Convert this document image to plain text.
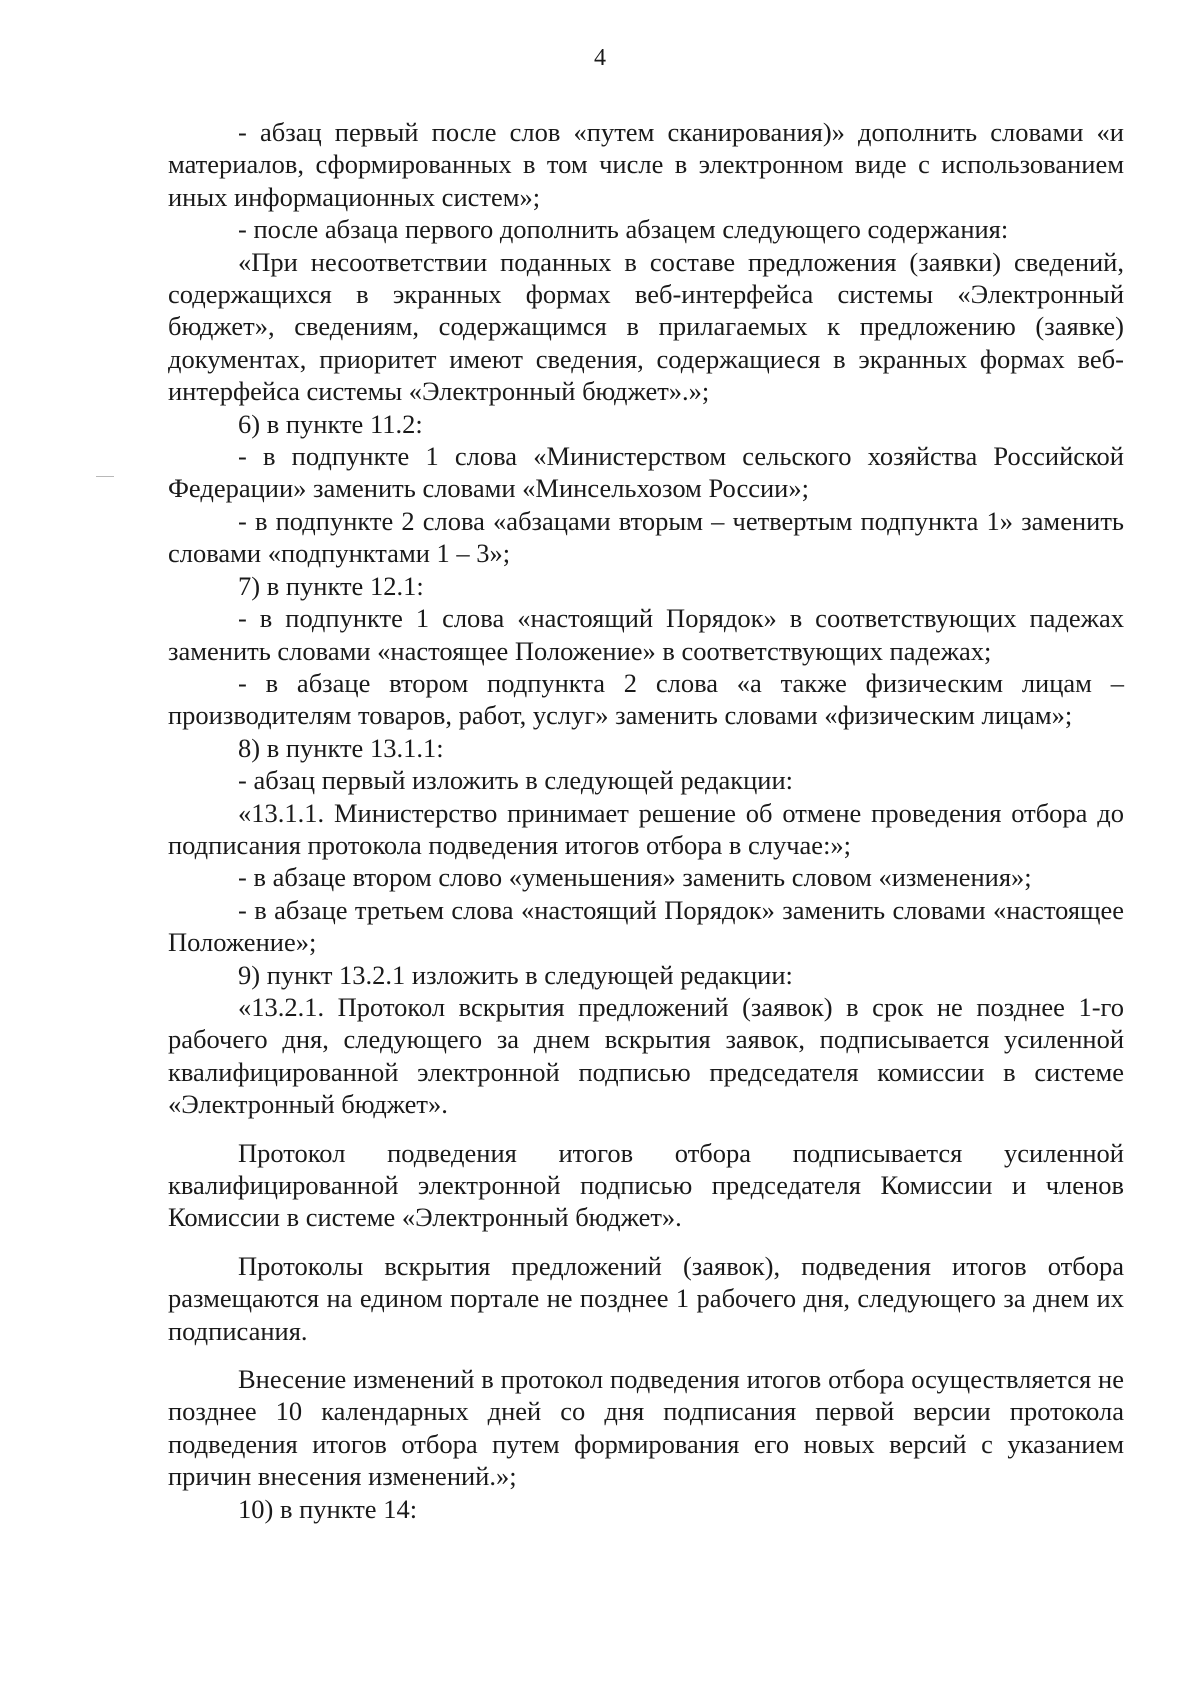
4

- абзац первый после слов «путем сканирования)» дополнить словами «и материалов, сформированных в том числе в электронном виде с использованием иных информационных систем»;

- после абзаца первого дополнить абзацем следующего содержания:

«При несоответствии поданных в составе предложения (заявки) сведений, содержащихся в экранных формах веб-интерфейса системы «Электронный бюджет», сведениям, содержащимся в прилагаемых к предложению (заявке) документах, приоритет имеют сведения, содержащиеся в экранных формах веб-интерфейса системы «Электронный бюджет».»;

6) в пункте 11.2:

- в подпункте 1 слова «Министерством сельского хозяйства Российской Федерации» заменить словами «Минсельхозом России»;

- в подпункте 2 слова «абзацами вторым – четвертым подпункта 1» заменить словами «подпунктами 1 – 3»;

7) в пункте 12.1:

- в подпункте 1 слова «настоящий Порядок» в соответствующих падежах заменить словами «настоящее Положение» в соответствующих падежах;

- в абзаце втором подпункта 2 слова «а также физическим лицам – производителям товаров, работ, услуг» заменить словами «физическим лицам»;

8) в пункте 13.1.1:

- абзац первый изложить в следующей редакции:

«13.1.1. Министерство принимает решение об отмене проведения отбора до подписания протокола подведения итогов отбора в случае:»;

- в абзаце втором слово «уменьшения» заменить словом «изменения»;

- в абзаце третьем слова «настоящий Порядок» заменить словами «настоящее Положение»;

9) пункт 13.2.1 изложить в следующей редакции:

«13.2.1. Протокол вскрытия предложений (заявок) в срок не позднее 1-го рабочего дня, следующего за днем вскрытия заявок, подписывается усиленной квалифицированной электронной подписью председателя комиссии в системе «Электронный бюджет».

Протокол подведения итогов отбора подписывается усиленной квалифицированной электронной подписью председателя Комиссии и членов Комиссии в системе «Электронный бюджет».

Протоколы вскрытия предложений (заявок), подведения итогов отбора размещаются на едином портале не позднее 1 рабочего дня, следующего за днем их подписания.

Внесение изменений в протокол подведения итогов отбора осуществляется не позднее 10 календарных дней со дня подписания первой версии протокола подведения итогов отбора путем формирования его новых версий с указанием причин внесения изменений.»;

10) в пункте 14:
